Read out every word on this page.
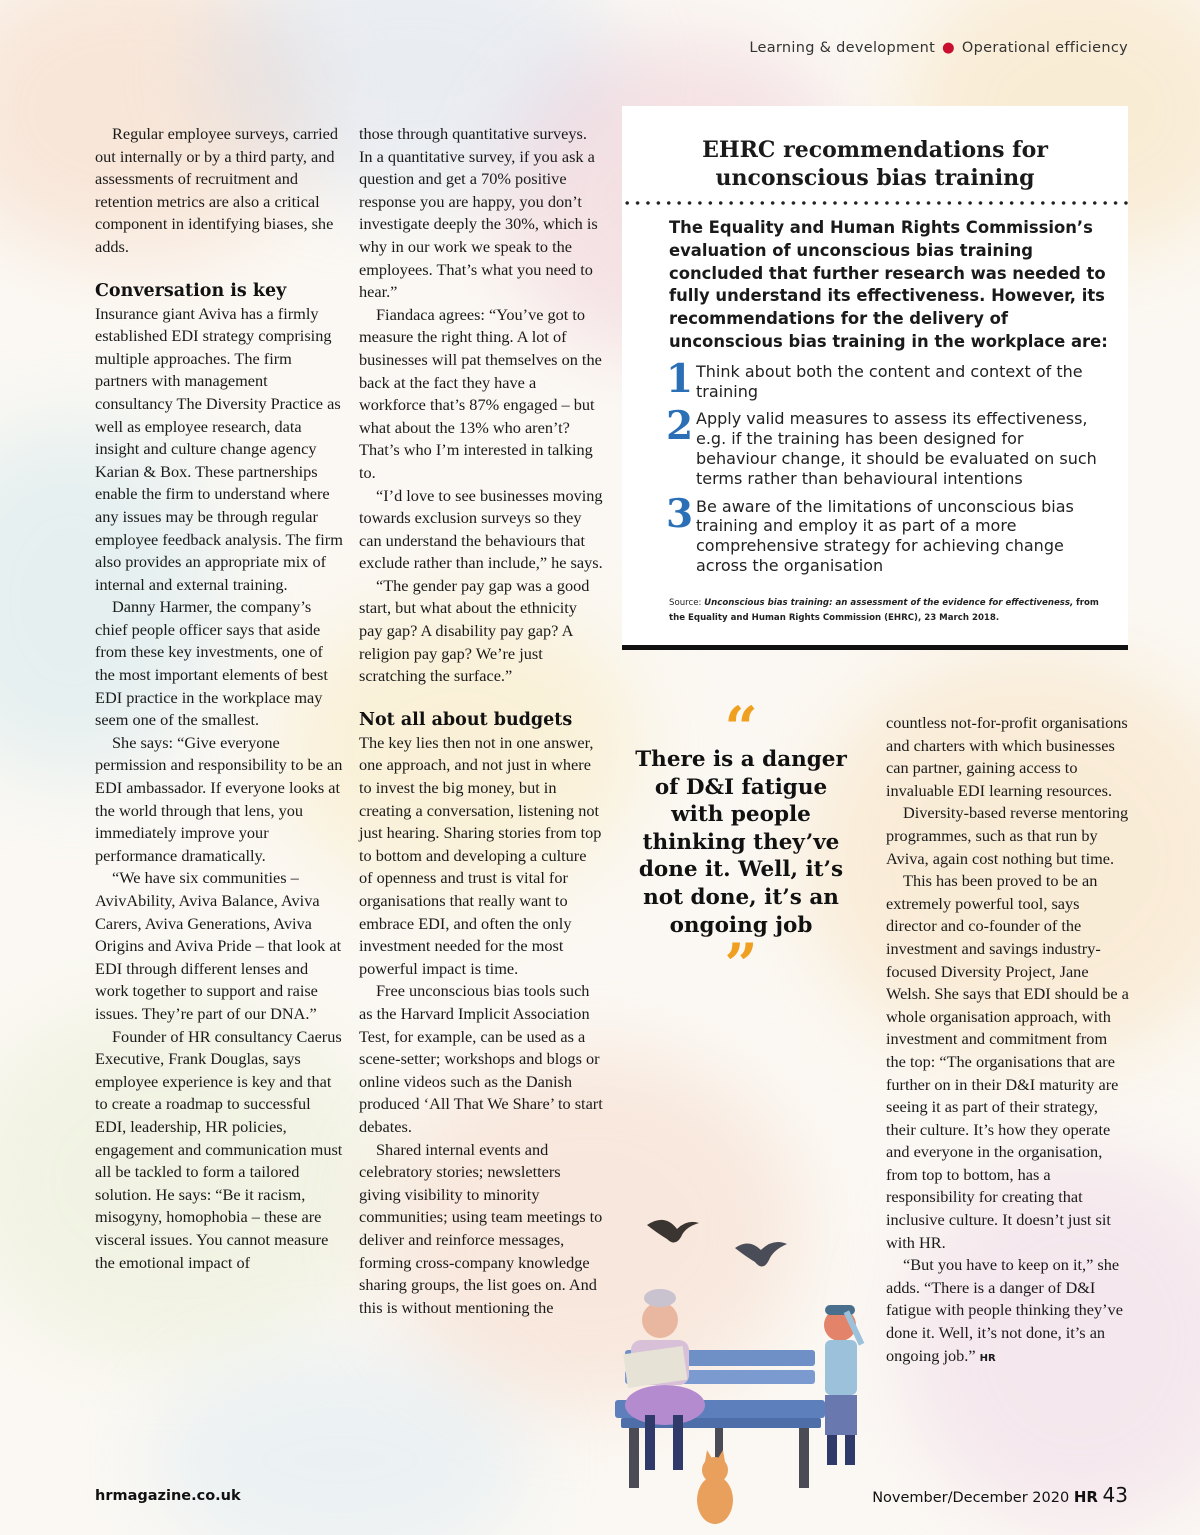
Learning & development ● Operational efficiency

Regular employee surveys, carried out internally or by a third party, and assessments of recruitment and retention metrics are also a critical component in identifying biases, she adds.

Conversation is key

Insurance giant Aviva has a firmly established EDI strategy comprising multiple approaches. The firm partners with management consultancy The Diversity Practice as well as employee research, data insight and culture change agency Karian & Box. These partnerships enable the firm to understand where any issues may be through regular employee feedback analysis. The firm also provides an appropriate mix of internal and external training.

Danny Harmer, the company’s chief people officer says that aside from these key investments, one of the most important elements of best EDI practice in the workplace may seem one of the smallest.

She says: “Give everyone permission and responsibility to be an EDI ambassador. If everyone looks at the world through that lens, you immediately improve your performance dramatically.

“We have six communities – AvivAbility, Aviva Balance, Aviva Carers, Aviva Generations, Aviva Origins and Aviva Pride – that look at EDI through different lenses and work together to support and raise issues. They’re part of our DNA.”

Founder of HR consultancy Caerus Executive, Frank Douglas, says employee experience is key and that to create a roadmap to successful EDI, leadership, HR policies, engagement and communication must all be tackled to form a tailored solution. He says: “Be it racism, misogyny, homophobia – these are visceral issues. You cannot measure the emotional impact of

those through quantitative surveys. In a quantitative survey, if you ask a question and get a 70% positive response you are happy, you don’t investigate deeply the 30%, which is why in our work we speak to the employees. That’s what you need to hear.”

Fiandaca agrees: “You’ve got to measure the right thing. A lot of businesses will pat themselves on the back at the fact they have a workforce that’s 87% engaged – but what about the 13% who aren’t? That’s who I’m interested in talking to.

“I’d love to see businesses moving towards exclusion surveys so they can understand the behaviours that exclude rather than include,” he says.

“The gender pay gap was a good start, but what about the ethnicity pay gap? A disability pay gap? A religion pay gap? We’re just scratching the surface.”

Not all about budgets

The key lies then not in one answer, one approach, and not just in where to invest the big money, but in creating a conversation, listening not just hearing. Sharing stories from top to bottom and developing a culture of openness and trust is vital for organisations that really want to embrace EDI, and often the only investment needed for the most powerful impact is time.

Free unconscious bias tools such as the Harvard Implicit Association Test, for example, can be used as a scene-setter; workshops and blogs or online videos such as the Danish produced ‘All That We Share’ to start debates.

Shared internal events and celebratory stories; newsletters giving visibility to minority communities; using team meetings to deliver and reinforce messages, forming cross-company knowledge sharing groups, the list goes on. And this is without mentioning the

EHRC recommendations for unconscious bias training
The Equality and Human Rights Commission’s evaluation of unconscious bias training concluded that further research was needed to fully understand its effectiveness. However, its recommendations for the delivery of unconscious bias training in the workplace are:
1 Think about both the content and context of the training
2 Apply valid measures to assess its effectiveness, e.g. if the training has been designed for behaviour change, it should be evaluated on such terms rather than behavioural intentions
3 Be aware of the limitations of unconscious bias training and employ it as part of a more comprehensive strategy for achieving change across the organisation
Source: Unconscious bias training: an assessment of the evidence for effectiveness, from the Equality and Human Rights Commission (EHRC), 23 March 2018.
“
There is a danger of D&I fatigue with people thinking they’ve done it. Well, it’s not done, it’s an ongoing job
”

countless not-for-profit organisations and charters with which businesses can partner, gaining access to invaluable EDI learning resources.

Diversity-based reverse mentoring programmes, such as that run by Aviva, again cost nothing but time.

This has been proved to be an extremely powerful tool, says director and co-founder of the investment and savings industry-focused Diversity Project, Jane Welsh. She says that EDI should be a whole organisation approach, with investment and commitment from the top: “The organisations that are further on in their D&I maturity are seeing it as part of their strategy, their culture. It’s how they operate and everyone in the organisation, from top to bottom, has a responsibility for creating that inclusive culture. It doesn’t just sit with HR.

“But you have to keep on it,” she adds. “There is a danger of D&I fatigue with people thinking they’ve done it. Well, it’s not done, it’s an ongoing job.” HR

hrmagazine.co.uk	November/December 2020 HR 43
